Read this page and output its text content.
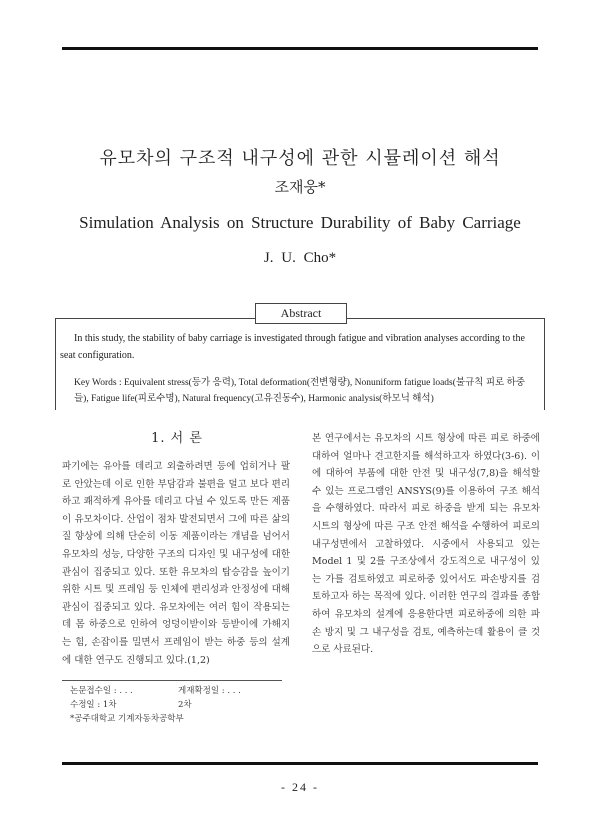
유모차의 구조적 내구성에 관한 시뮬레이션 해석
조재웅*
Simulation Analysis on Structure Durability of Baby Carriage
J. U. Cho*
Abstract
In this study, the stability of baby carriage is investigated through fatigue and vibration analyses according to the seat configuration.
Key Words : Equivalent stress(등가 응력), Total deformation(전변형량), Nonuniform fatigue loads(불규칙 피로 하중들), Fatigue life(피로수명), Natural frequency(고유진동수), Harmonic analysis(하모닉 해석)
1. 서 론
파기에는 유아를 데리고 외출하려면 등에 업히거나 팔로 안았는데 이로 인한 부담감과 불편을 덜고 보다 편리하고 쾌적하게 유아를 데리고 다닐 수 있도록 만든 제품이 유모차이다. 산업이 점차 발전되면서 그에 따른 삶의 질 향상에 의해 단순히 이동 제품이라는 개념을 넘어서 유모차의 성능, 다양한 구조의 디자인 및 내구성에 대한 관심이 집중되고 있다. 또한 유모차의 탑승감을 높이기 위한 시트 및 프레임 등 인체에 편리성과 안정성에 대해 관심이 집중되고 있다. 유모차에는 여러 힘이 작용되는데 몸 하중으로 인하여 엉덩이받이와 등받이에 가해지는 힘, 손잡이를 밀면서 프레임이 받는 하중 등의 설계에 대한 연구도 진행되고 있다.(1,2)
본 연구에서는 유모차의 시트 형상에 따른 피로 하중에 대하여 얼마나 견고한지를 해석하고자 하였다(3-6). 이에 대하여 부품에 대한 안전 및 내구성(7,8)을 해석할 수 있는 프로그램인 ANSYS(9)를 이용하여 구조 해석을 수행하였다. 따라서 피로 하중을 받게 되는 유모차 시트의 형상에 따른 구조 안전 해석을 수행하여 피로의 내구성면에서 고찰하였다. 시중에서 사용되고 있는 Model 1 및 2를 구조상에서 강도적으로 내구성이 있는 가를 검토하였고 피로하중 있어서도 파손방지를 검토하고자 하는 목적에 있다. 이러한 연구의 결과를 종합하여 유모차의 설계에 응용한다면 피로하중에 의한 파손 방지 및 그 내구성을 검토, 예측하는데 활용이 클 것으로 사료된다.
논문접수일 : . . .	게재확정일 : . . .
수정일 : 1차	2차
*공주대학교 기계자동차공학부
- 24 -
